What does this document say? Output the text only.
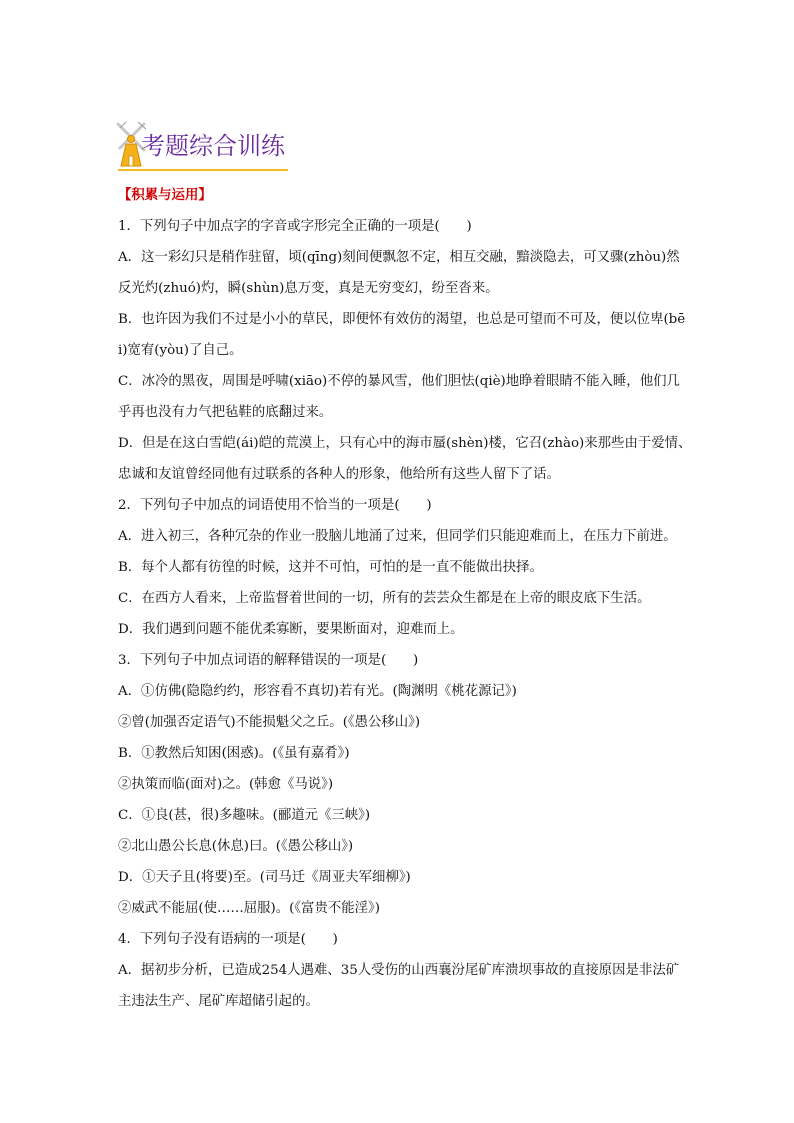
考题综合训练
【积累与运用】
1．下列句子中加点字的字音或字形完全正确的一项是(　　)
A．这一彩幻只是稍作驻留，顷(qīng)刻间便飘忽不定，相互交融，黯淡隐去，可又骤(zhòu)然
反光灼(zhuó)灼，瞬(shùn)息万变，真是无穷变幻，纷至沓来。
B．也许因为我们不过是小小的草民，即便怀有效仿的渴望，也总是可望而不可及，便以位卑(bē
i)宽宥(yòu)了自己。
C．冰冷的黑夜，周围是呼啸(xiāo)不停的暴风雪，他们胆怯(qiè)地睁着眼睛不能入睡，他们几
乎再也没有力气把毡鞋的底翻过来。
D．但是在这白雪皑(ái)皑的荒漠上，只有心中的海市蜃(shèn)楼，它召(zhào)来那些由于爱情、
忠诚和友谊曾经同他有过联系的各种人的形象，他给所有这些人留下了话。
2．下列句子中加点的词语使用不恰当的一项是(　　)
A．进入初三，各种冗杂的作业一股脑儿地涌了过来，但同学们只能迎难而上，在压力下前进。
B．每个人都有彷徨的时候，这并不可怕，可怕的是一直不能做出抉择。
C．在西方人看来，上帝监督着世间的一切，所有的芸芸众生都是在上帝的眼皮底下生活。
D．我们遇到问题不能优柔寡断，要果断面对，迎难而上。
3．下列句子中加点词语的解释错误的一项是(　　)
A．①仿佛(隐隐约约，形容看不真切)若有光。(陶渊明《桃花源记》)
②曾(加强否定语气)不能损魁父之丘。(《愚公移山》)
B．①教然后知困(困惑)。(《虽有嘉肴》)
②执策而临(面对)之。(韩愈《马说》)
C．①良(甚，很)多趣味。(郦道元《三峡》)
②北山愚公长息(休息)曰。(《愚公移山》)
D．①天子且(将要)至。(司马迁《周亚夫军细柳》)
②威武不能屈(使……屈服)。(《富贵不能淫》)
4．下列句子没有语病的一项是(　　)
A．据初步分析，已造成254人遇难、35人受伤的山西襄汾尾矿库溃坝事故的直接原因是非法矿
主违法生产、尾矿库超储引起的。
